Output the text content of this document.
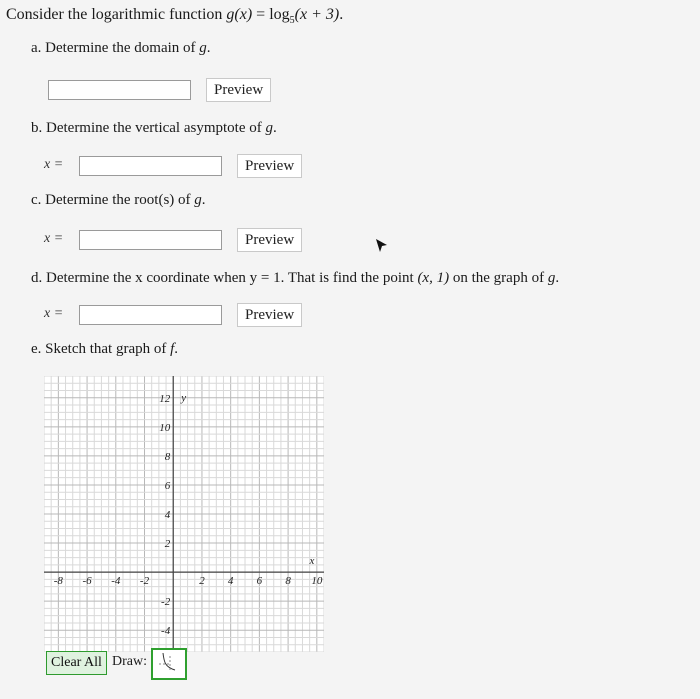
Consider the logarithmic function $g(x) = \log_5(x + 3)$.
a. Determine the domain of g.
Preview
b. Determine the vertical asymptote of g.
x =	Preview
c. Determine the root(s) of g.
x =	Preview
d. Determine the x coordinate when y = 1. That is find the point (x, 1) on the graph of g.
x =	Preview
e. Sketch that graph of f.
-8 -6 -4 -2	2 4 6 8 10
12
10
8
6
4
2
-2
-4
x
y
Clear All Draw:
